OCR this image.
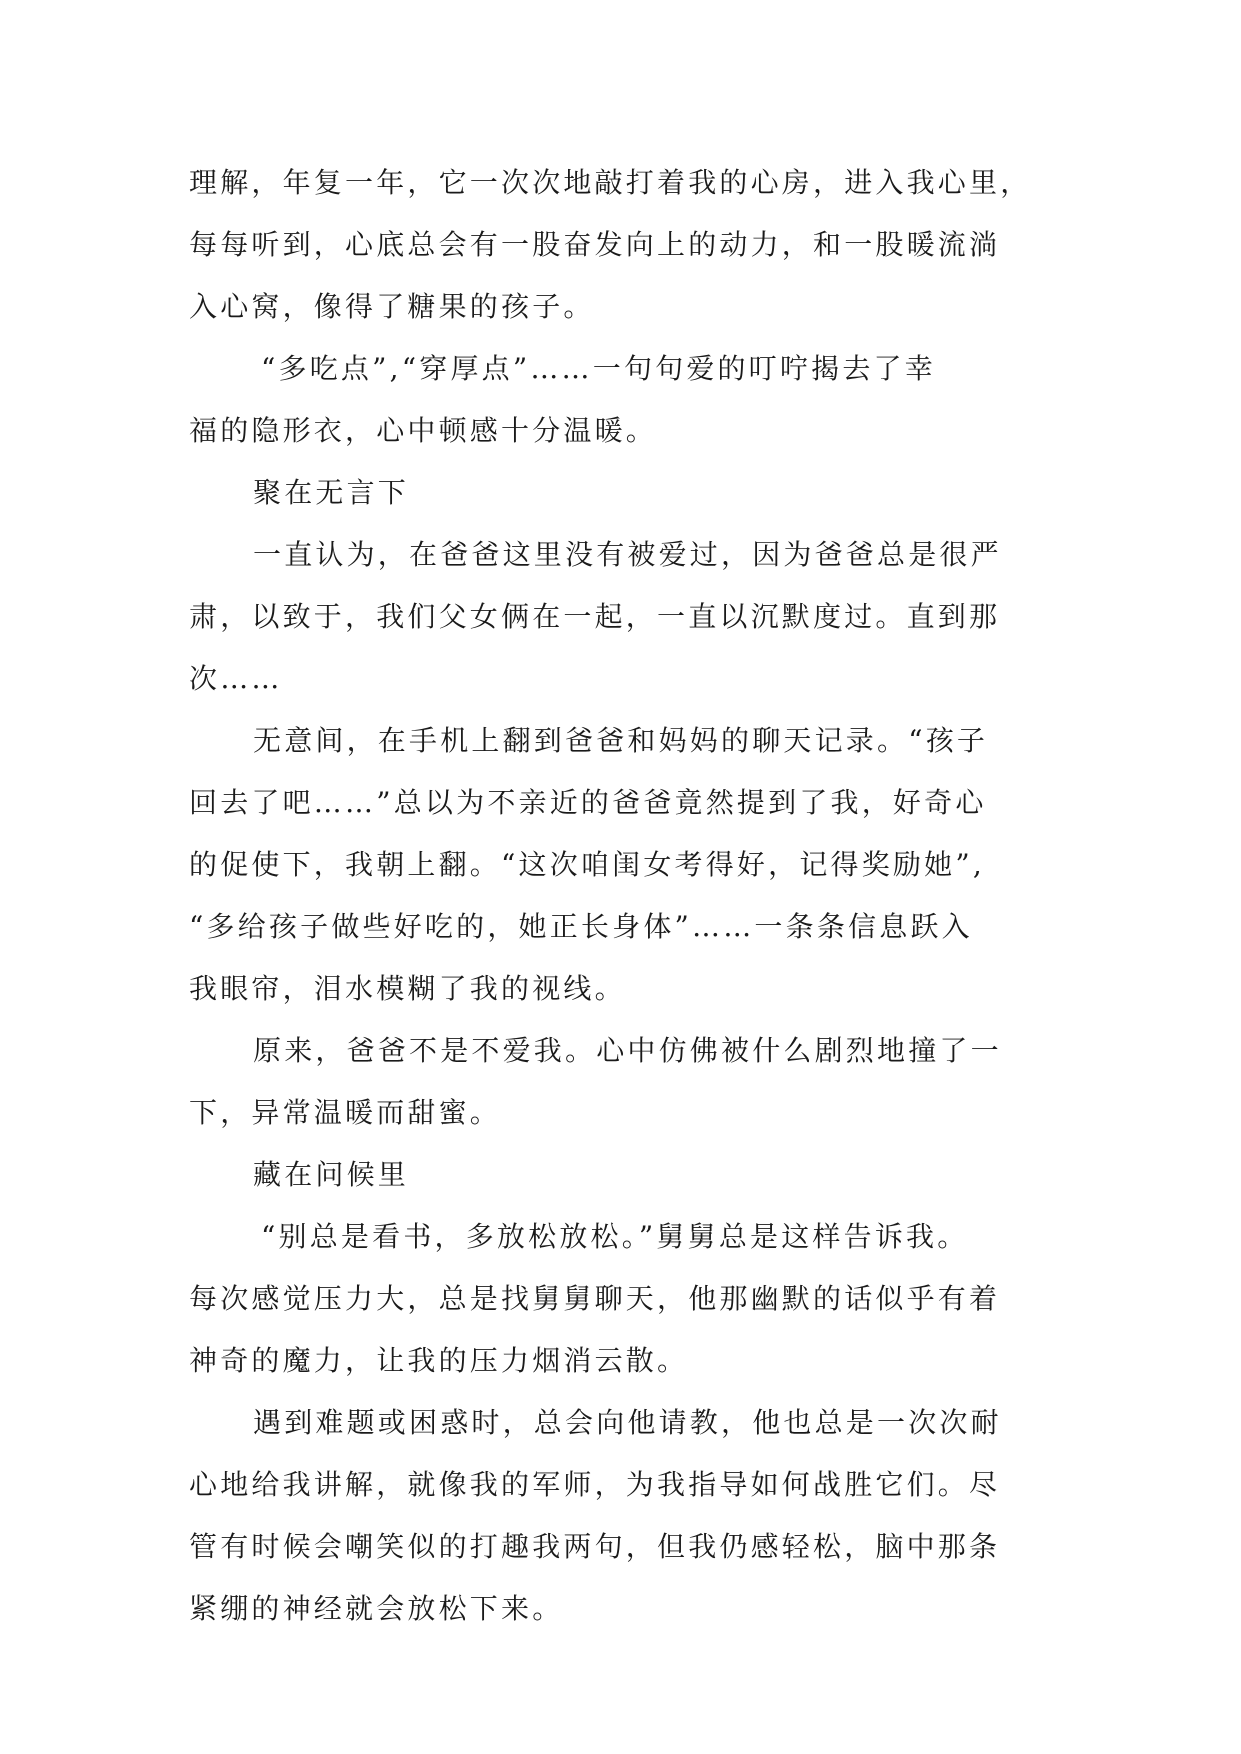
理解，年复一年，它一次次地敲打着我的心房，进入我心里，
每每听到，心底总会有一股奋发向上的动力，和一股暖流淌
入心窝，像得了糖果的孩子。
“多吃点”,“穿厚点”……一句句爱的叮咛揭去了幸
福的隐形衣，心中顿感十分温暖。
聚在无言下
一直认为，在爸爸这里没有被爱过，因为爸爸总是很严
肃，以致于，我们父女俩在一起，一直以沉默度过。直到那
次……
无意间，在手机上翻到爸爸和妈妈的聊天记录。“孩子
回去了吧……”总以为不亲近的爸爸竟然提到了我，好奇心
的促使下，我朝上翻。“这次咱闺女考得好，记得奖励她”,
“多给孩子做些好吃的，她正长身体”……一条条信息跃入
我眼帘，泪水模糊了我的视线。
原来，爸爸不是不爱我。心中仿佛被什么剧烈地撞了一
下，异常温暖而甜蜜。
藏在问候里
“别总是看书，多放松放松。”舅舅总是这样告诉我。
每次感觉压力大，总是找舅舅聊天，他那幽默的话似乎有着
神奇的魔力，让我的压力烟消云散。
遇到难题或困惑时，总会向他请教，他也总是一次次耐
心地给我讲解，就像我的军师，为我指导如何战胜它们。尽
管有时候会嘲笑似的打趣我两句，但我仍感轻松，脑中那条
紧绷的神经就会放松下来。
